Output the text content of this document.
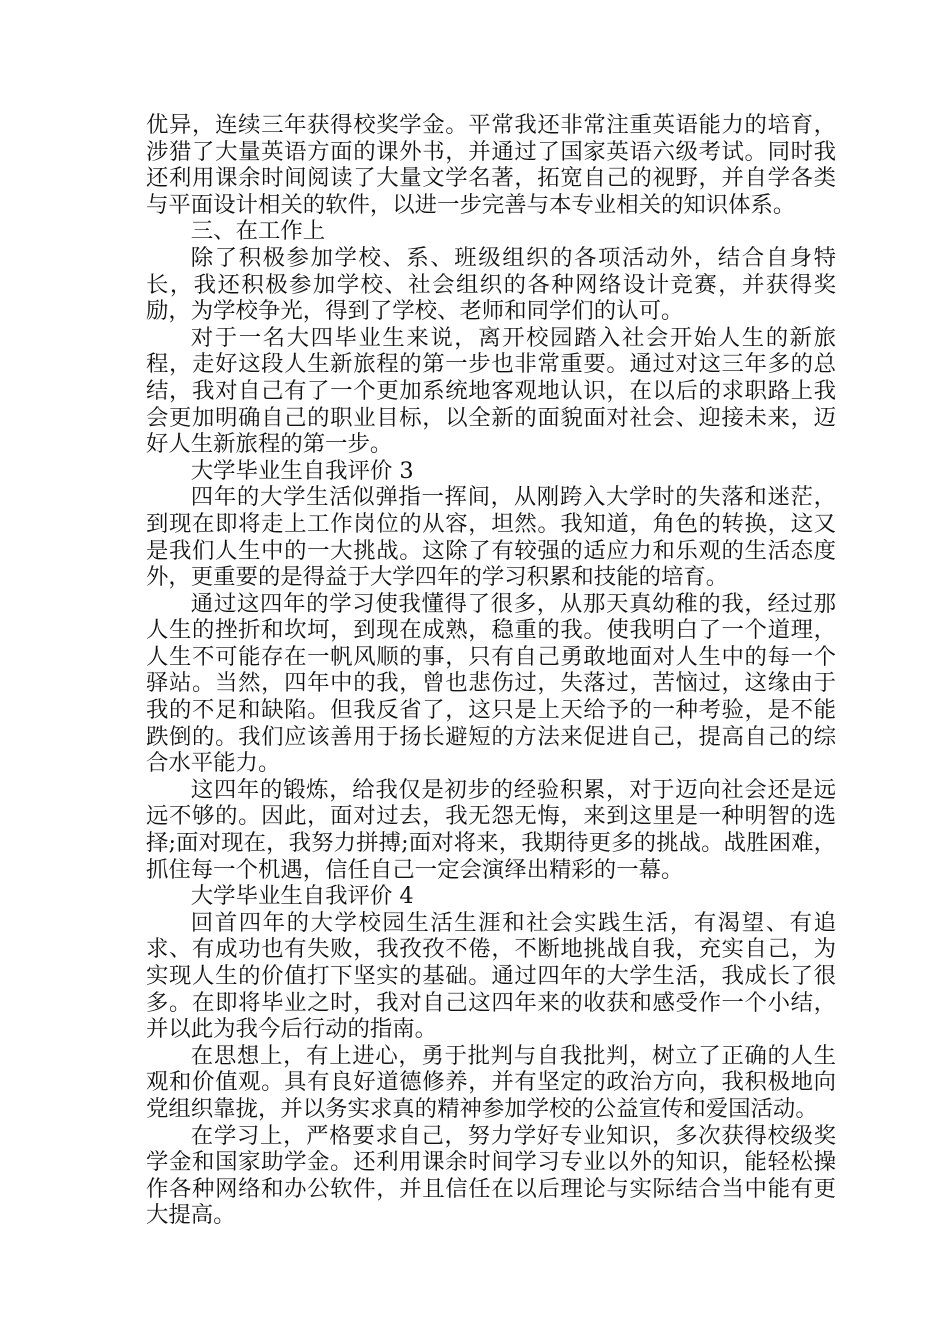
优异，连续三年获得校奖学金。平常我还非常注重英语能力的培育，涉猎了大量英语方面的课外书，并通过了国家英语六级考试。同时我还利用课余时间阅读了大量文学名著，拓宽自己的视野，并自学各类与平面设计相关的软件，以进一步完善与本专业相关的知识体系。

三、在工作上

除了积极参加学校、系、班级组织的各项活动外，结合自身特长，我还积极参加学校、社会组织的各种网络设计竞赛，并获得奖励，为学校争光，得到了学校、老师和同学们的认可。

对于一名大四毕业生来说，离开校园踏入社会开始人生的新旅程，走好这段人生新旅程的第一步也非常重要。通过对这三年多的总结，我对自己有了一个更加系统地客观地认识，在以后的求职路上我会更加明确自己的职业目标，以全新的面貌面对社会、迎接未来，迈好人生新旅程的第一步。

大学毕业生自我评价 3

四年的大学生活似弹指一挥间，从刚跨入大学时的失落和迷茫，到现在即将走上工作岗位的从容，坦然。我知道，角色的转换，这又是我们人生中的一大挑战。这除了有较强的适应力和乐观的生活态度外，更重要的是得益于大学四年的学习积累和技能的培育。

通过这四年的学习使我懂得了很多，从那天真幼稚的我，经过那人生的挫折和坎坷，到现在成熟，稳重的我。使我明白了一个道理，人生不可能存在一帆风顺的事，只有自己勇敢地面对人生中的每一个驿站。当然，四年中的我，曾也悲伤过，失落过，苦恼过，这缘由于我的不足和缺陷。但我反省了，这只是上天给予的一种考验，是不能跌倒的。我们应该善用于扬长避短的方法来促进自己，提高自己的综合水平能力。

这四年的锻炼，给我仅是初步的经验积累，对于迈向社会还是远远不够的。因此，面对过去，我无怨无悔，来到这里是一种明智的选择;面对现在，我努力拼搏;面对将来，我期待更多的挑战。战胜困难，抓住每一个机遇，信任自己一定会演绎出精彩的一幕。

大学毕业生自我评价 4

回首四年的大学校园生活生涯和社会实践生活，有渴望、有追求、有成功也有失败，我孜孜不倦，不断地挑战自我，充实自己，为实现人生的价值打下坚实的基础。通过四年的大学生活，我成长了很多。在即将毕业之时，我对自己这四年来的收获和感受作一个小结，并以此为我今后行动的指南。

在思想上，有上进心，勇于批判与自我批判，树立了正确的人生观和价值观。具有良好道德修养，并有坚定的政治方向，我积极地向党组织靠拢，并以务实求真的精神参加学校的公益宣传和爱国活动。

在学习上，严格要求自己，努力学好专业知识，多次获得校级奖学金和国家助学金。还利用课余时间学习专业以外的知识，能轻松操作各种网络和办公软件，并且信任在以后理论与实际结合当中能有更大提高。
